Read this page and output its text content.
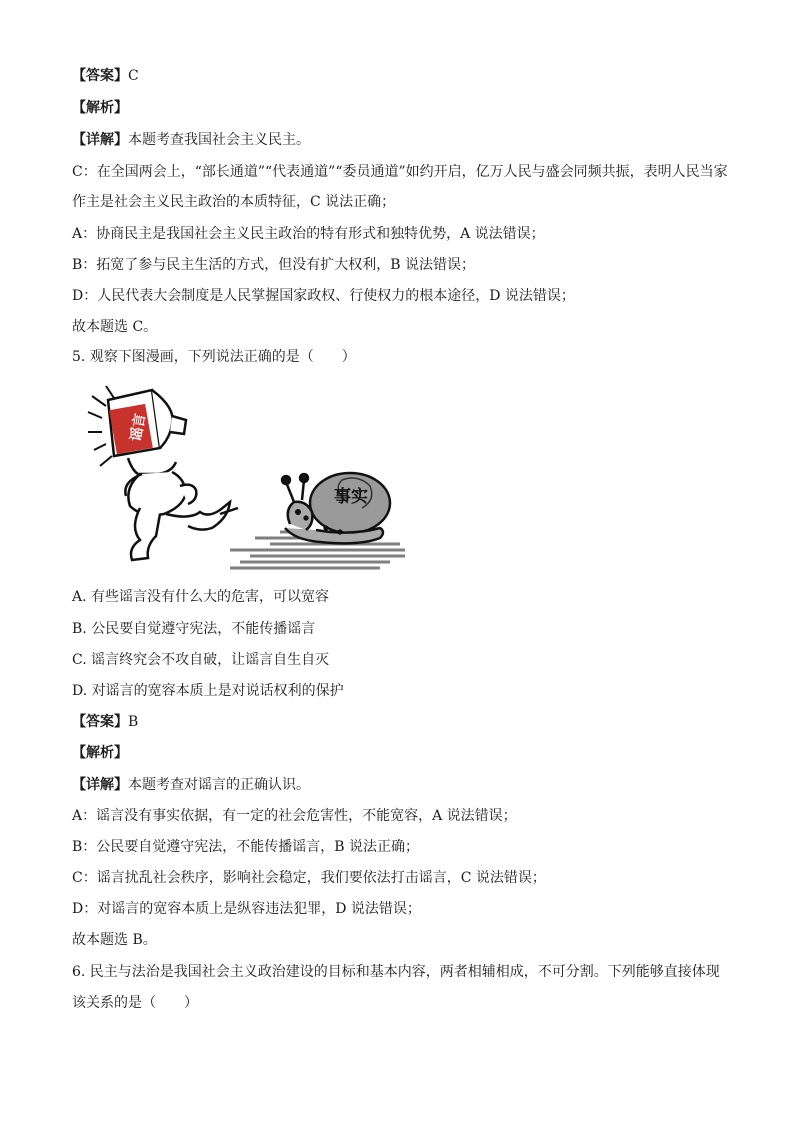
【答案】C
【解析】
【详解】本题考查我国社会主义民主。
C：在全国两会上，“部长通道”“代表通道”“委员通道”如约开启，亿万人民与盛会同频共振，表明人民当家
作主是社会主义民主政治的本质特征，C 说法正确；
A：协商民主是我国社会主义民主政治的特有形式和独特优势，A 说法错误；
B：拓宽了参与民主生活的方式，但没有扩大权利，B 说法错误；
D：人民代表大会制度是人民掌握国家政权、行使权力的根本途径，D 说法错误；
故本题选 C。
5. 观察下图漫画，下列说法正确的是（　　）
谣言
事实
A. 有些谣言没有什么大的危害，可以宽容
B. 公民要自觉遵守宪法，不能传播谣言
C. 谣言终究会不攻自破，让谣言自生自灭
D. 对谣言的宽容本质上是对说话权利的保护
【答案】B
【解析】
【详解】本题考查对谣言的正确认识。
A：谣言没有事实依据，有一定的社会危害性，不能宽容，A 说法错误；
B：公民要自觉遵守宪法，不能传播谣言，B 说法正确；
C：谣言扰乱社会秩序，影响社会稳定，我们要依法打击谣言，C 说法错误；
D：对谣言的宽容本质上是纵容违法犯罪，D 说法错误；
故本题选 B。
6. 民主与法治是我国社会主义政治建设的目标和基本内容，两者相辅相成，不可分割。下列能够直接体现
该关系的是（　　）
